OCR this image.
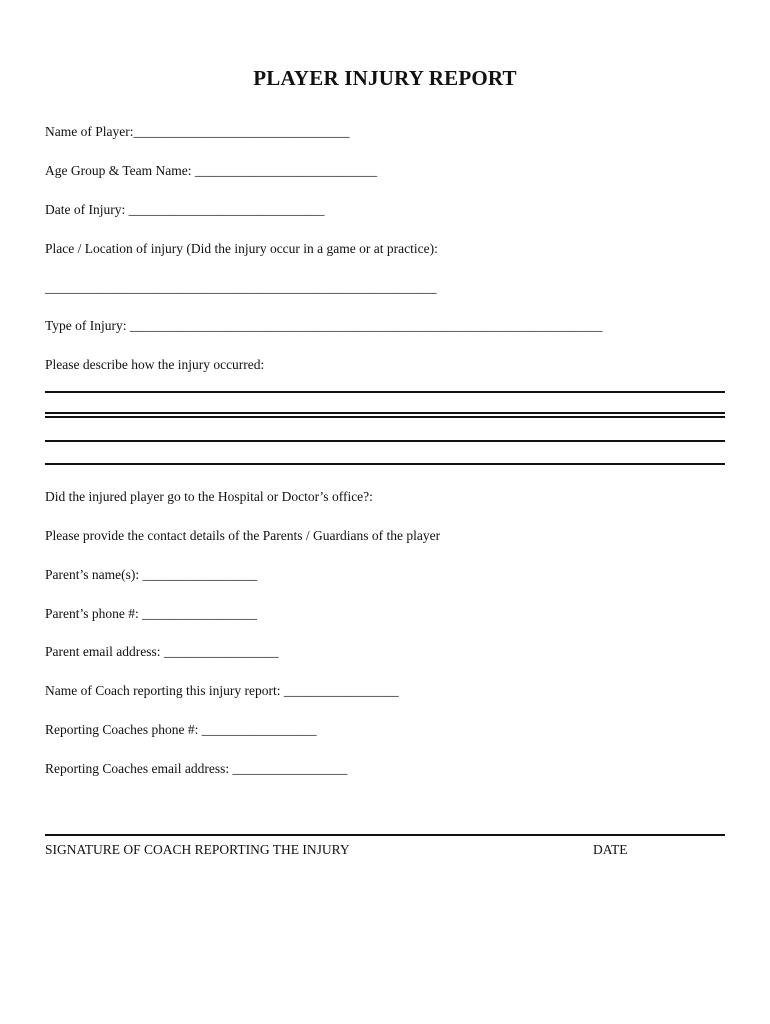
PLAYER INJURY REPORT
Name of Player:________________________________
Age Group & Team Name: ___________________________
Date of Injury: _____________________________
Place / Location of injury (Did the injury occur in a game or at practice):
__________________________________________________________
Type of Injury: ______________________________________________________________________
Please describe how the injury occurred:
Did the injured player go to the Hospital or Doctor’s office?:
Please provide the contact details of the Parents / Guardians of the player
Parent’s name(s): _________________
Parent’s phone #: _________________
Parent email address: _________________
Name of Coach reporting this injury report: _________________
Reporting Coaches phone #: _________________
Reporting Coaches email address: _________________
SIGNATURE OF COACH REPORTING THE INJURY	DATE
